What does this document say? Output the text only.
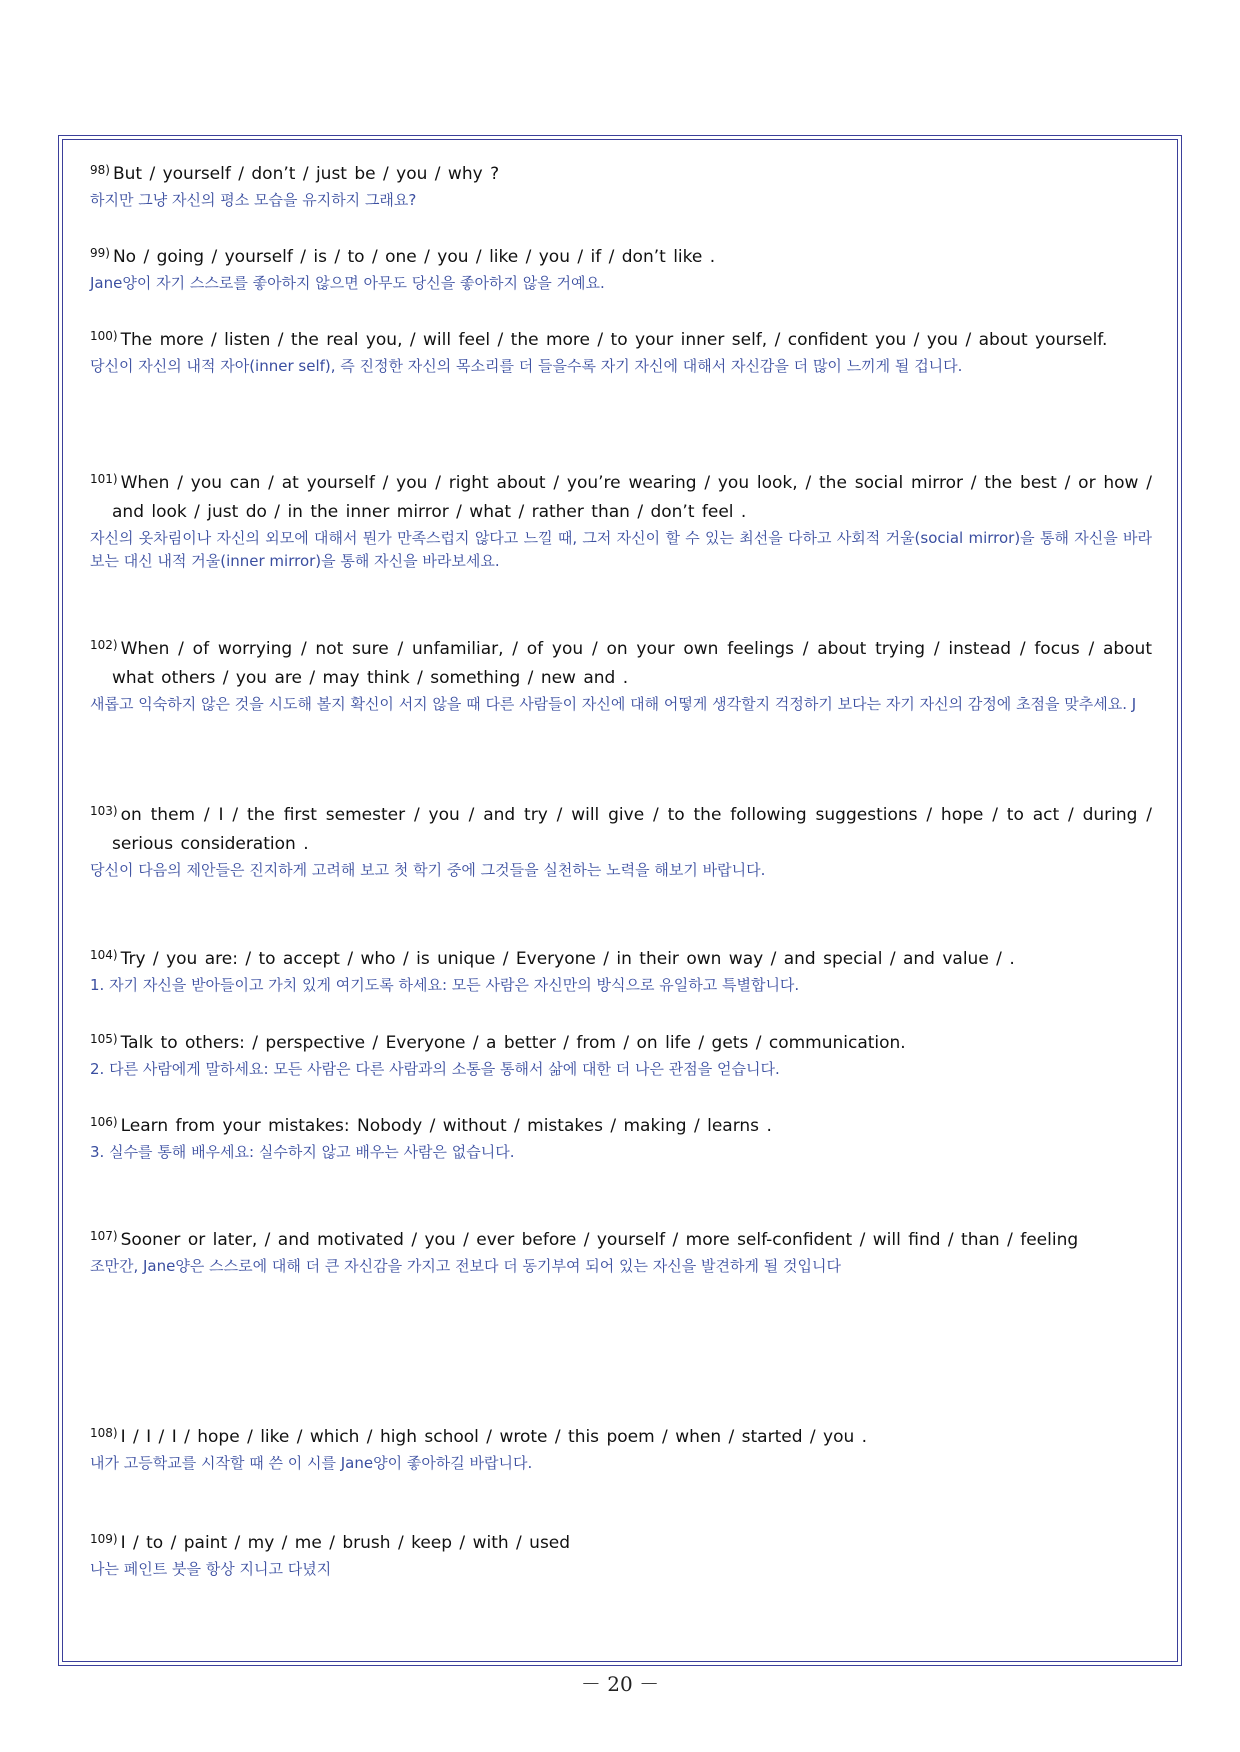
$^{98)}$ But / yourself / don’t / just be / you / why ?

하지만 그냥 자신의 평소 모습을 유지하지 그래요?

$^{99)}$ No / going / yourself / is / to / one / you / like / you / if / don’t like .

Jane양이 자기 스스로를 좋아하지 않으면 아무도 당신을 좋아하지 않을 거예요.

$^{100)}$ The more / listen / the real you, / will feel / the more / to your inner self, / confident you / you / about yourself.

당신이 자신의 내적 자아(inner self), 즉 진정한 자신의 목소리를 더 들을수록 자기 자신에 대해서 자신감을 더 많이 느끼게 될 겁니다.

$^{101)}$ When / you can / at yourself / you / right about / you’re wearing / you look, / the social mirror / the best / or how / and look / just do / in the inner mirror / what / rather than / don’t feel .

자신의 옷차림이나 자신의 외모에 대해서 뭔가 만족스럽지 않다고 느낄 때, 그저 자신이 할 수 있는 최선을 다하고 사회적 거울(social mirror)을 통해 자신을 바라보는 대신 내적 거울(inner mirror)을 통해 자신을 바라보세요.

$^{102)}$ When / of worrying / not sure / unfamiliar, / of you / on your own feelings / about trying / instead / focus / about what others / you are / may think / something / new and .

새롭고 익숙하지 않은 것을 시도해 볼지 확신이 서지 않을 때 다른 사람들이 자신에 대해 어떻게 생각할지 걱정하기 보다는 자기 자신의 감정에 초점을 맞추세요. J

$^{103)}$ on them / I / the first semester / you / and try / will give / to the following suggestions / hope / to act / during / serious consideration .

당신이 다음의 제안들은 진지하게 고려해 보고 첫 학기 중에 그것들을 실천하는 노력을 해보기 바랍니다.

$^{104)}$ Try / you are: / to accept / who / is unique / Everyone / in their own way / and special / and value / .

1. 자기 자신을 받아들이고 가치 있게 여기도록 하세요: 모든 사람은 자신만의 방식으로 유일하고 특별합니다.

$^{105)}$ Talk to others: / perspective / Everyone / a better / from / on life / gets / communication.

2. 다른 사람에게 말하세요: 모든 사람은 다른 사람과의 소통을 통해서 삶에 대한 더 나은 관점을 얻습니다.

$^{106)}$ Learn from your mistakes: Nobody / without / mistakes / making / learns .

3. 실수를 통해 배우세요: 실수하지 않고 배우는 사람은 없습니다.

$^{107)}$ Sooner or later, / and motivated / you / ever before / yourself / more self-confident / will find / than / feeling

조만간, Jane양은 스스로에 대해 더 큰 자신감을 가지고 전보다 더 동기부여 되어 있는 자신을 발견하게 될 것입니다

$^{108)}$ I / I / I / hope / like / which / high school / wrote / this poem / when / started / you .

내가 고등학교를 시작할 때 쓴 이 시를 Jane양이 좋아하길 바랍니다.

$^{109)}$ I / to / paint / my / me / brush / keep / with / used

나는 페인트 붓을 항상 지니고 다녔지

－ 20 －
